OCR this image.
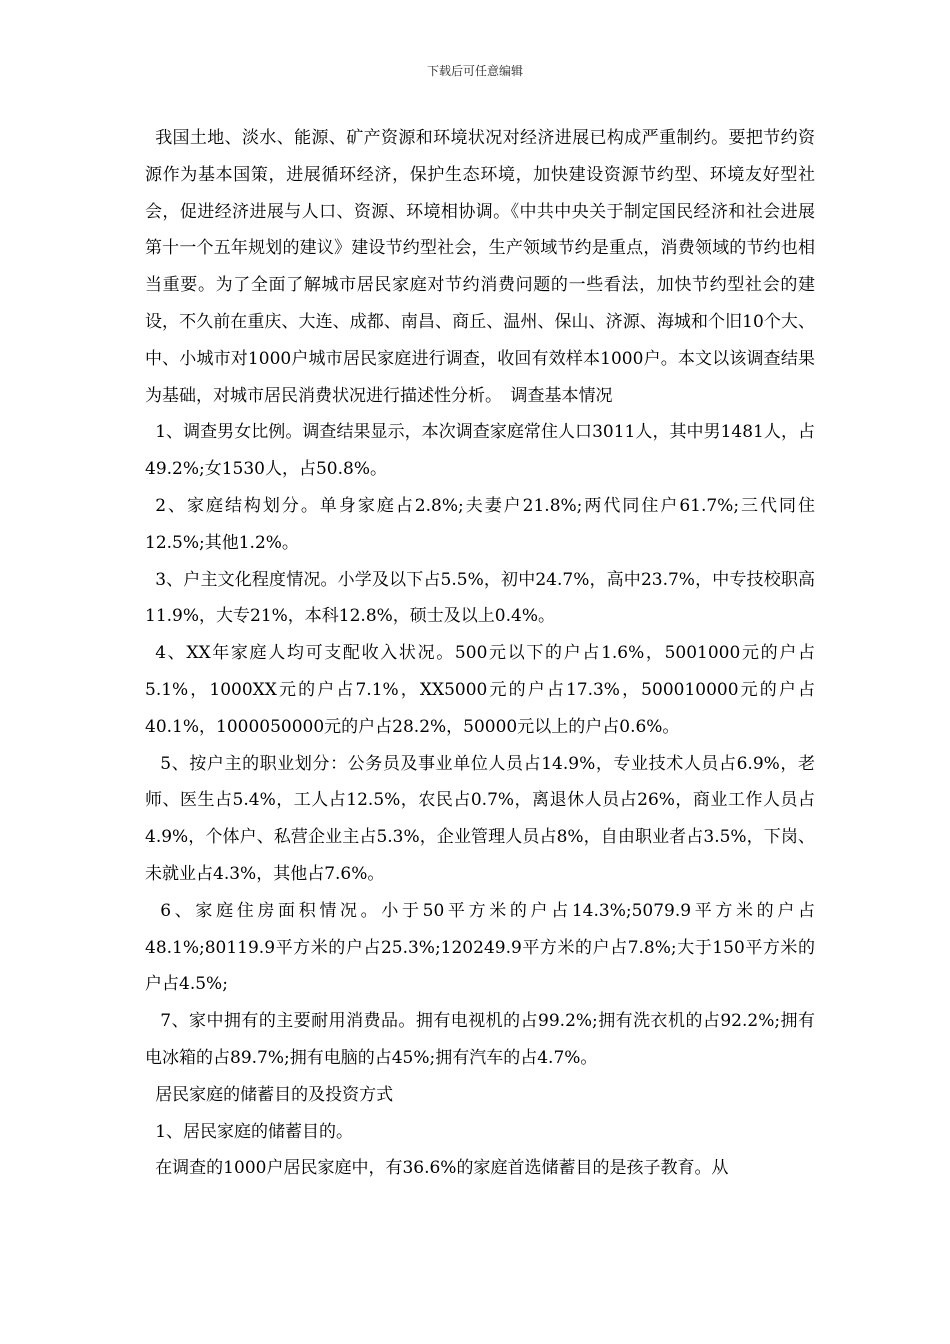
下载后可任意编辑

我国土地、淡水、能源、矿产资源和环境状况对经济进展已构成严重制约。要把节约资源作为基本国策，进展循环经济，保护生态环境，加快建设资源节约型、环境友好型社会，促进经济进展与人口、资源、环境相协调。《中共中央关于制定国民经济和社会进展第十一个五年规划的建议》建设节约型社会，生产领域节约是重点，消费领域的节约也相当重要。为了全面了解城市居民家庭对节约消费问题的一些看法，加快节约型社会的建设，不久前在重庆、大连、成都、南昌、商丘、温州、保山、济源、海城和个旧10个大、中、小城市对1000户城市居民家庭进行调查，收回有效样本1000户。本文以该调查结果为基础，对城市居民消费状况进行描述性分析。　调查基本情况

1、调查男女比例。调查结果显示，本次调查家庭常住人口3011人，其中男1481人，占49.2%;女1530人，占50.8%。

2、家庭结构划分。单身家庭占2.8%;夫妻户21.8%;两代同住户61.7%;三代同住12.5%;其他1.2%。

3、户主文化程度情况。小学及以下占5.5%，初中24.7%，高中23.7%，中专技校职高11.9%，大专21%，本科12.8%，硕士及以上0.4%。

4、XX年家庭人均可支配收入状况。500元以下的户占1.6%，5001000元的户占5.1%，1000XX元的户占7.1%，XX5000元的户占17.3%，500010000元的户占40.1%，1000050000元的户占28.2%，50000元以上的户占0.6%。

5、按户主的职业划分：公务员及事业单位人员占14.9%，专业技术人员占6.9%，老师、医生占5.4%，工人占12.5%，农民占0.7%，离退休人员占26%，商业工作人员占4.9%，个体户、私营企业主占5.3%，企业管理人员占8%，自由职业者占3.5%，下岗、未就业占4.3%，其他占7.6%。

6、家庭住房面积情况。小于50平方米的户占14.3%;5079.9平方米的户占48.1%;80119.9平方米的户占25.3%;120249.9平方米的户占7.8%;大于150平方米的户占4.5%;

7、家中拥有的主要耐用消费品。拥有电视机的占99.2%;拥有洗衣机的占92.2%;拥有电冰箱的占89.7%;拥有电脑的占45%;拥有汽车的占4.7%。

居民家庭的储蓄目的及投资方式

1、居民家庭的储蓄目的。

在调查的1000户居民家庭中，有36.6%的家庭首选储蓄目的是孩子教育。从
